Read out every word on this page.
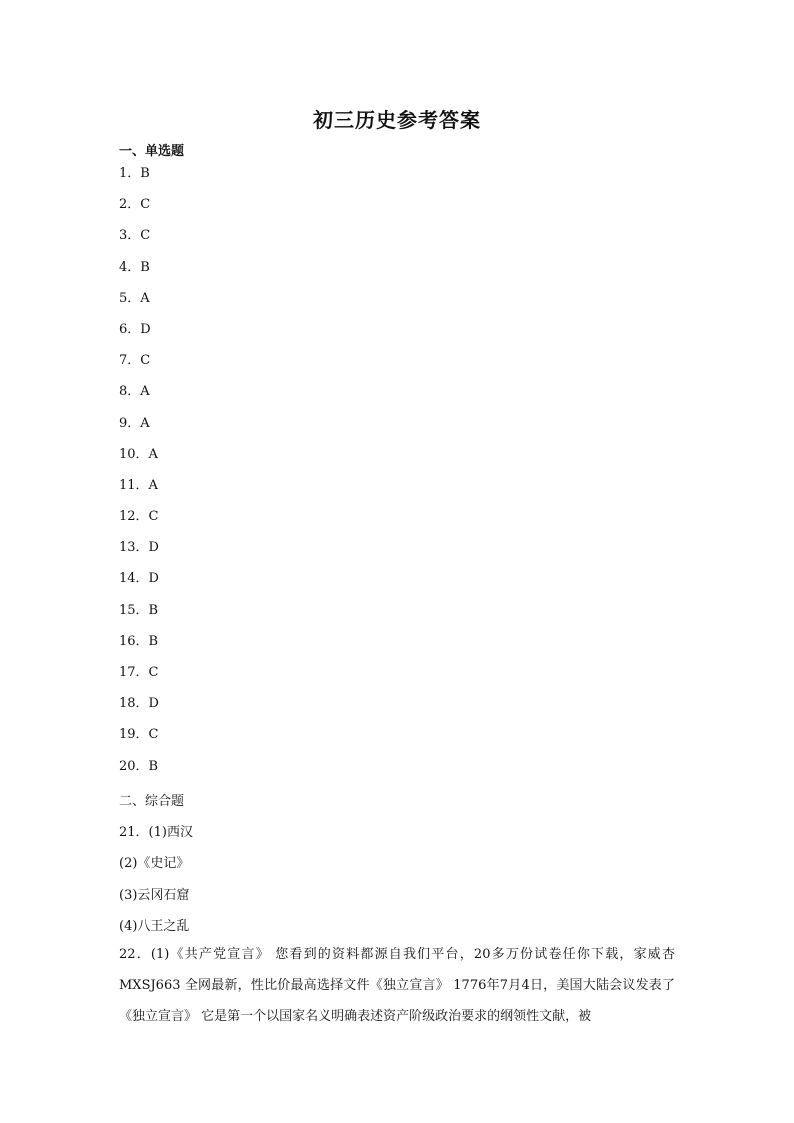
初三历史参考答案
一、单选题
1．B
2．C
3．C
4．B
5．A
6．D
7．C
8．A
9．A
10．A
11．A
12．C
13．D
14．D
15．B
16．B
17．C
18．D
19．C
20．B
二、综合题
21．(1)西汉
(2)《史记》
(3)云冈石窟
(4)八王之乱
22．(1)《共产党宣言》 您看到的资料都源自我们平台，20多万份试卷任你下载，家威杏MXSJ663 全网最新，性比价最高选择文件《独立宣言》 1776年7月4日，美国大陆会议发表了《独立宣言》 它是第一个以国家名义明确表述资产阶级政治要求的纲领性文献，被
